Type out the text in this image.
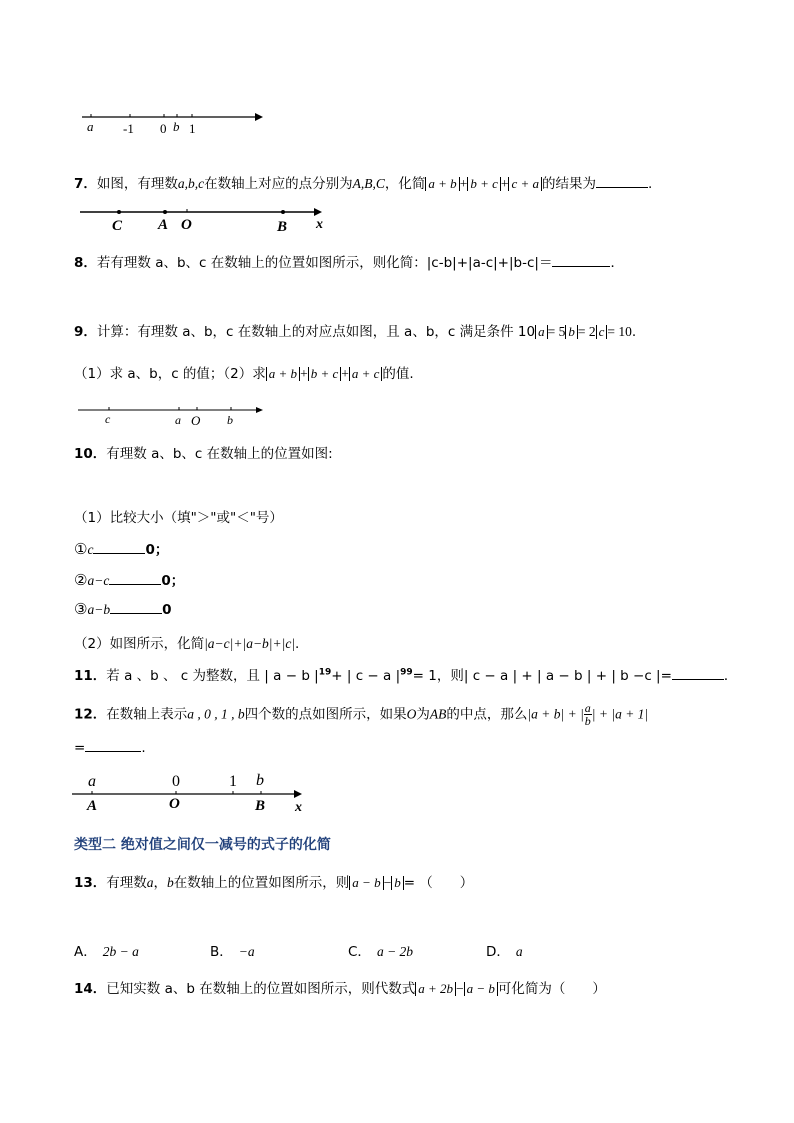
a -1 0 b 1
7．如图，有理数a,b,c在数轴上对应的点分别为A,B,C，化简 a + b + b + c + c + a 的结果为	.
C A O	B x
8．若有理数 a、b、c 在数轴上的位置如图所示，则化简：|c-b|+|a-c|+|b-c|＝	．
9．计算：有理数 a、b，c 在数轴上的对应点如图，且 a、b，c 满足条件 10 a = 5 b = 2 c = 10.
（1）求 a、b，c 的值；（2）求 a + b + b + c + a + c 的值.
c	a O b
10．有理数 a、b、c 在数轴上的位置如图:
（1）比较大小（填"＞"或"＜"号）
①c	0；
②a−c	0；
③a−b	0
（2）如图所示，化简|a−c|+|a−b|+|c|.
11．若 a 、b 、 c 为整数，且 | a − b $|^{19}+$ | c − a $|^{99}= 1$，则| c − a | + | a − b | + | b −c |=	．
12．在数轴上表示a , 0 , 1 , b四个数的点如图所示，如果O为AB的中点，那么|a + b| + | $\frac{a}{b}$ | + |a + 1|
=	.
a	0	1 b
A	O	B x
类型二 绝对值之间仅一减号的式子的化简
13．有理数a，b在数轴上的位置如图所示，则 a − b − b = （　　）
A． 2b − a	B． −a	C． a − 2b	D． a
14．已知实数 a、b 在数轴上的位置如图所示，则代数式 a + 2b − a − b 可化简为（　　）
